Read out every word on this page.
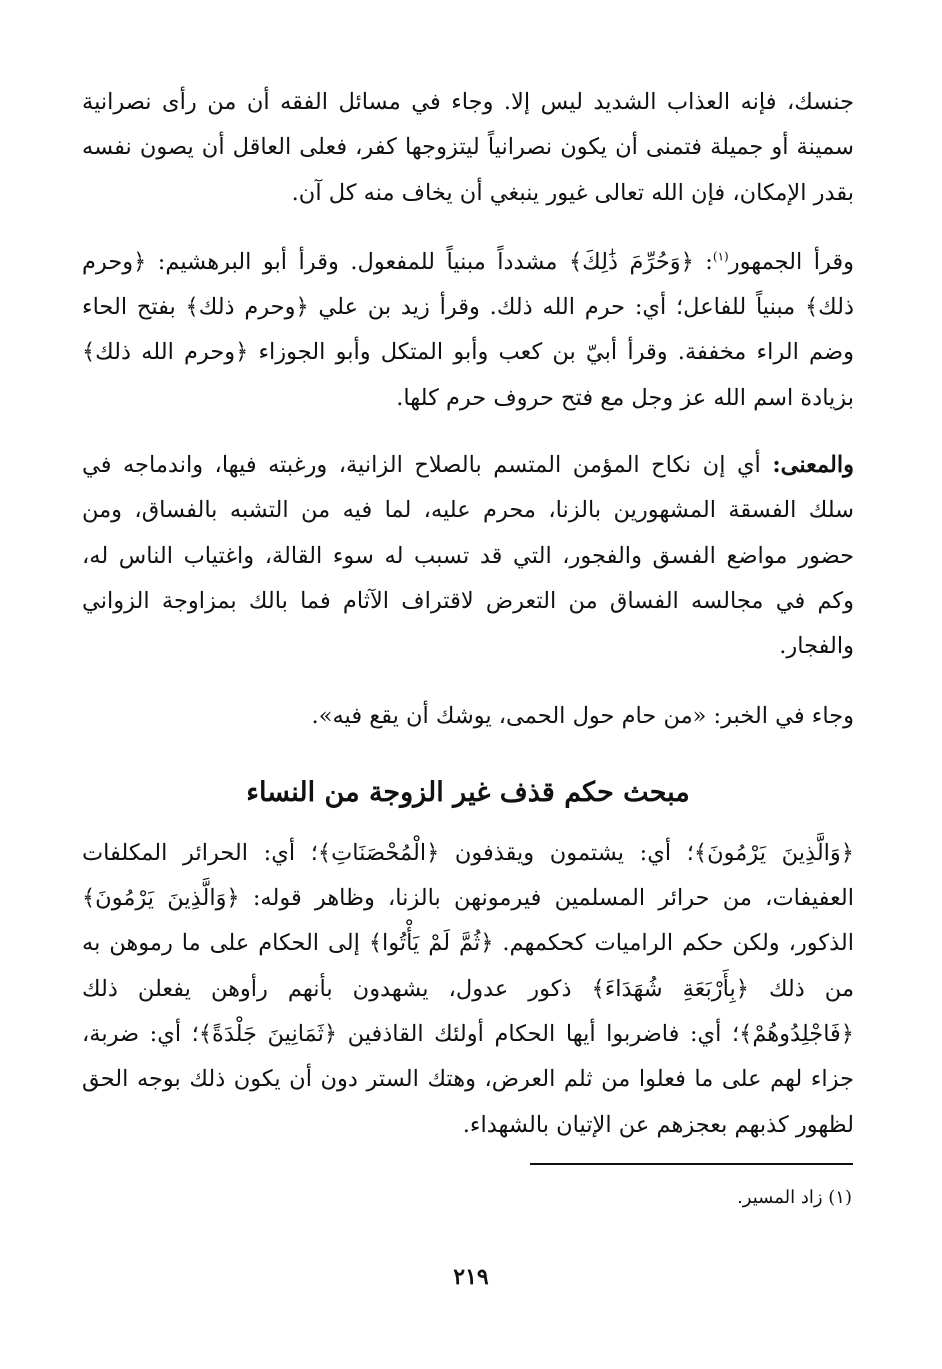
جنسك، فإنه العذاب الشديد ليس إلا. وجاء في مسائل الفقه أن من رأى نصرانية سمينة أو جميلة فتمنى أن يكون نصرانياً ليتزوجها كفر، فعلى العاقل أن يصون نفسه بقدر الإمكان، فإن الله تعالى غيور ينبغي أن يخاف منه كل آن.

وقرأ الجمهور$^{(١)}$: ﴿وَحُرِّمَ ذَٰلِكَ﴾ مشدداً مبنياً للمفعول. وقرأ أبو البرهشيم: ﴿وحرم ذلك﴾ مبنياً للفاعل؛ أي: حرم الله ذلك. وقرأ زيد بن علي ﴿وحرم ذلك﴾ بفتح الحاء وضم الراء مخففة. وقرأ أبيّ بن كعب وأبو المتكل وأبو الجوزاء ﴿وحرم الله ذلك﴾ بزيادة اسم الله عز وجل مع فتح حروف حرم كلها.

والمعنى: أي إن نكاح المؤمن المتسم بالصلاح الزانية، ورغبته فيها، واندماجه في سلك الفسقة المشهورين بالزنا، محرم عليه، لما فيه من التشبه بالفساق، ومن حضور مواضع الفسق والفجور، التي قد تسبب له سوء القالة، واغتياب الناس له، وكم في مجالسه الفساق من التعرض لاقتراف الآثام فما بالك بمزاوجة الزواني والفجار.

وجاء في الخبر: «من حام حول الحمى، يوشك أن يقع فيه».

مبحث حكم قذف غير الزوجة من النساء

﴿وَالَّذِينَ يَرْمُونَ﴾؛ أي: يشتمون ويقذفون ﴿الْمُحْصَنَاتِ﴾؛ أي: الحرائر المكلفات العفيفات، من حرائر المسلمين فيرمونهن بالزنا، وظاهر قوله: ﴿وَالَّذِينَ يَرْمُونَ﴾ الذكور، ولكن حكم الراميات كحكمهم. ﴿ثُمَّ لَمْ يَأْتُوا﴾ إلى الحكام على ما رموهن به من ذلك ﴿بِأَرْبَعَةِ شُهَدَاءَ﴾ ذكور عدول، يشهدون بأنهم رأوهن يفعلن ذلك ﴿فَاجْلِدُوهُمْ﴾؛ أي: فاضربوا أيها الحكام أولئك القاذفين ﴿ثَمَانِينَ جَلْدَةً﴾؛ أي: ضربة، جزاء لهم على ما فعلوا من ثلم العرض، وهتك الستر دون أن يكون ذلك بوجه الحق لظهور كذبهم بعجزهم عن الإتيان بالشهداء.

(١) زاد المسير.
٢١٩
